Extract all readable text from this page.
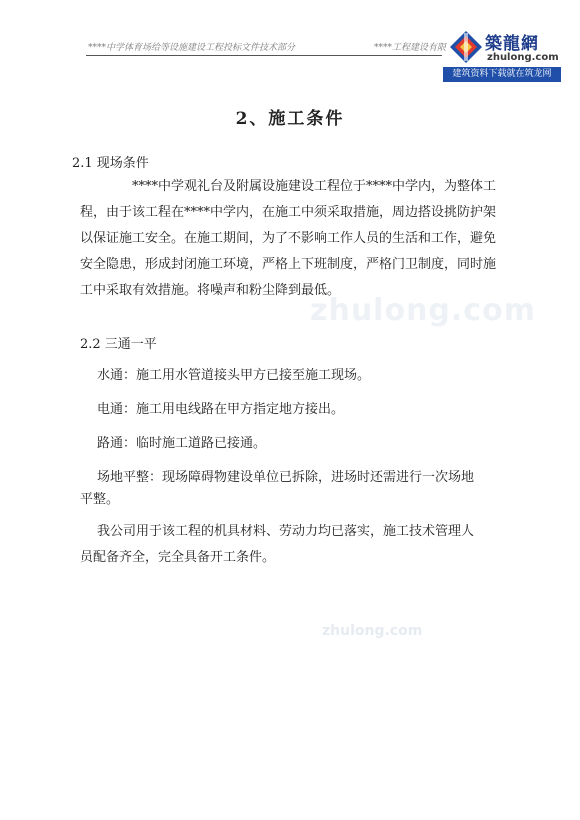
****中学体育场给等设施建设工程投标文件技术部分	****工程建设有限 築龍網
zhulong.com
建筑资料下载就在筑龙网
zhulong.com
zhulong.com
2、施工条件
2.1 现场条件

****中学观礼台及附属设施建设工程位于****中学内，为整体工程，由于该工程在****中学内，在施工中须采取措施，周边搭设挑防护架以保证施工安全。在施工期间，为了不影响工作人员的生活和工作，避免安全隐患，形成封闭施工环境，严格上下班制度，严格门卫制度，同时施工中采取有效措施。将噪声和粉尘降到最低。

2.2 三通一平
水通：施工用水管道接头甲方已接至施工现场。
电通：施工用电线路在甲方指定地方接出。
路通：临时施工道路已接通。
场地平整：现场障碍物建设单位已拆除，进场时还需进行一次场地
平整。
我公司用于该工程的机具材料、劳动力均已落实，施工技术管理人
员配备齐全，完全具备开工条件。
